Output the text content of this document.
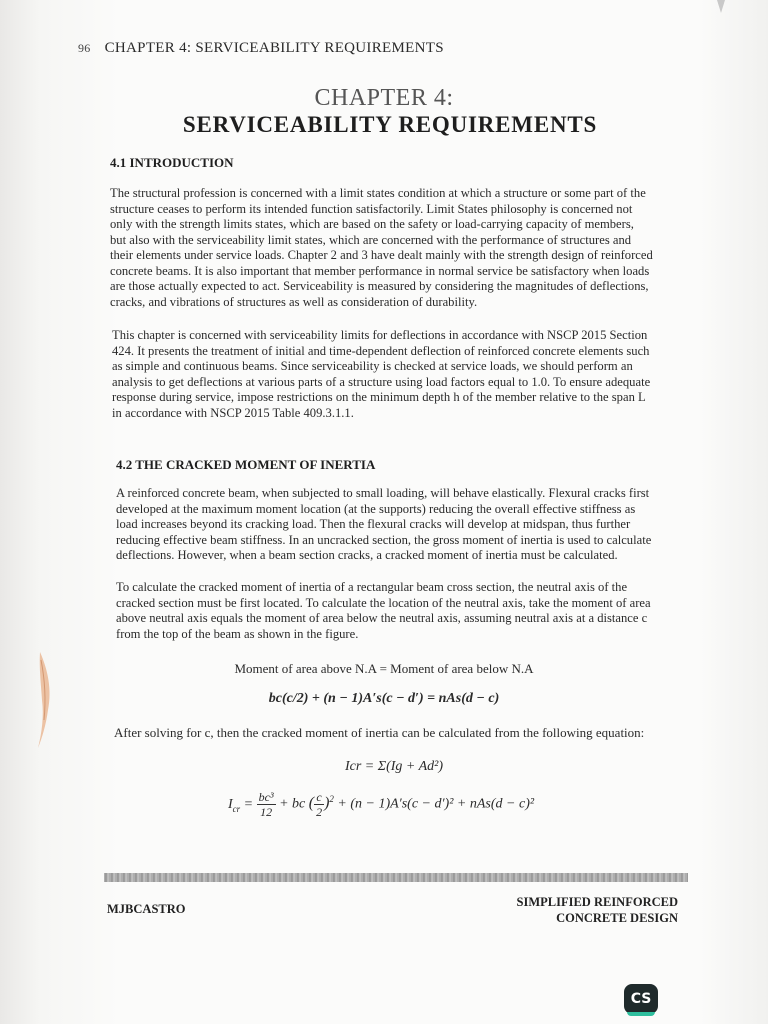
96 CHAPTER 4: SERVICEABILITY REQUIREMENTS
CHAPTER 4:
SERVICEABILITY REQUIREMENTS
4.1 INTRODUCTION
The structural profession is concerned with a limit states condition at which a structure or some part of the
structure ceases to perform its intended function satisfactorily. Limit States philosophy is concerned not
only with the strength limits states, which are based on the safety or load-carrying capacity of members,
but also with the serviceability limit states, which are concerned with the performance of structures and
their elements under service loads. Chapter 2 and 3 have dealt mainly with the strength design of reinforced
concrete beams. It is also important that member performance in normal service be satisfactory when loads
are those actually expected to act. Serviceability is measured by considering the magnitudes of deflections,
cracks, and vibrations of structures as well as consideration of durability.
This chapter is concerned with serviceability limits for deflections in accordance with NSCP 2015 Section
424. It presents the treatment of initial and time-dependent deflection of reinforced concrete elements such
as simple and continuous beams. Since serviceability is checked at service loads, we should perform an
analysis to get deflections at various parts of a structure using load factors equal to 1.0. To ensure adequate
response during service, impose restrictions on the minimum depth h of the member relative to the span L
in accordance with NSCP 2015 Table 409.3.1.1.
4.2 THE CRACKED MOMENT OF INERTIA
A reinforced concrete beam, when subjected to small loading, will behave elastically. Flexural cracks first
developed at the maximum moment location (at the supports) reducing the overall effective stiffness as
load increases beyond its cracking load. Then the flexural cracks will develop at midspan, thus further
reducing effective beam stiffness. In an uncracked section, the gross moment of inertia is used to calculate
deflections. However, when a beam section cracks, a cracked moment of inertia must be calculated.
To calculate the cracked moment of inertia of a rectangular beam cross section, the neutral axis of the
cracked section must be first located. To calculate the location of the neutral axis, take the moment of area
above neutral axis equals the moment of area below the neutral axis, assuming neutral axis at a distance c
from the top of the beam as shown in the figure.
Moment of area above N.A = Moment of area below N.A
bc(c/2) + (n − 1)A′s(c − d′) = nAs(d − c)
After solving for c, then the cracked moment of inertia can be calculated from the following equation:
Icr = Σ(Ig + Ad²)
$I_{cr} = \frac{\text{bc³}}{12}$ + bc ( $\frac{c}{2} )^2 + (n - 1)A's(c - d')^2 + nAs(d - c)^2$
MJBCASTRO	SIMPLIFIED REINFORCED
CONCRETE DESIGN
CS
